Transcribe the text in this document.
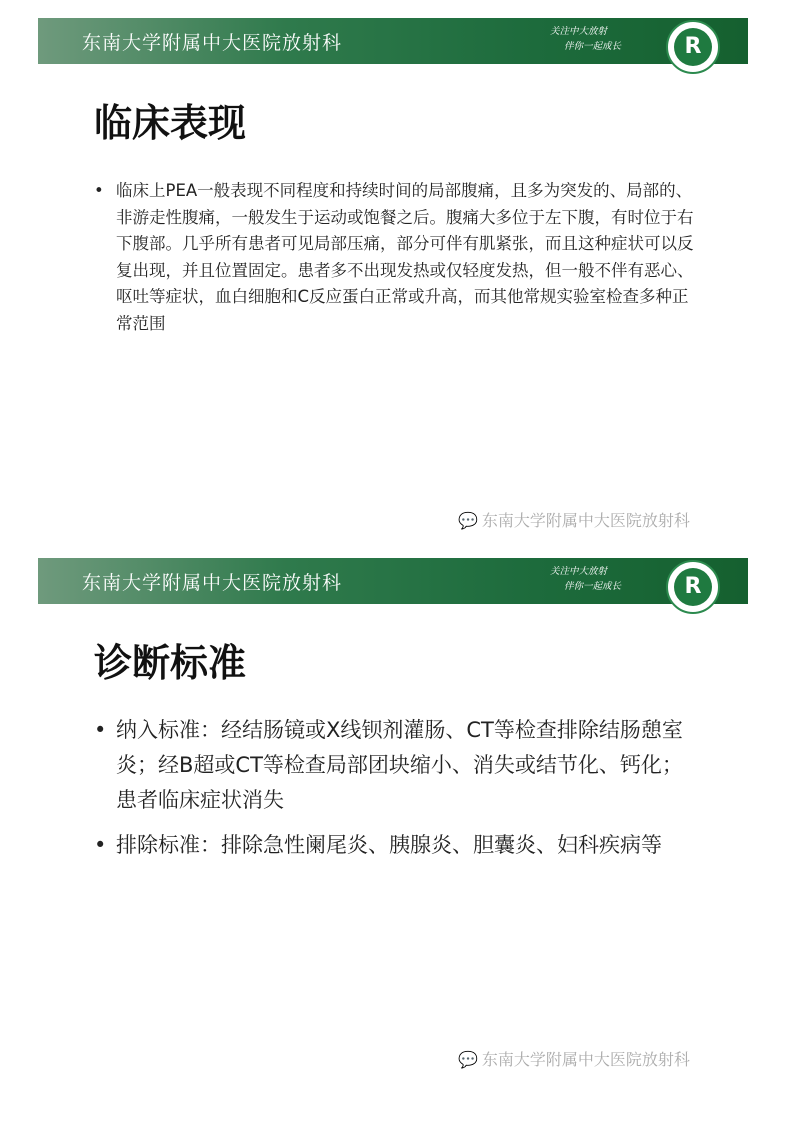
东南大学附属中大医院放射科
关注中大放射
伴你一起成长	R
临床表现
• 临床上PEA一般表现不同程度和持续时间的局部腹痛，且多为突发的、局部的、非游走性腹痛，一般发生于运动或饱餐之后。腹痛大多位于左下腹，有时位于右下腹部。几乎所有患者可见局部压痛，部分可伴有肌紧张，而且这种症状可以反复出现，并且位置固定。患者多不出现发热或仅轻度发热，但一般不伴有恶心、呕吐等症状，血白细胞和C反应蛋白正常或升高，而其他常规实验室检查多种正常范围
💬 东南大学附属中大医院放射科
东南大学附属中大医院放射科
关注中大放射
伴你一起成长	R
诊断标准
• 纳入标准：经结肠镜或X线钡剂灌肠、CT等检查排除结肠憩室炎；经B超或CT等检查局部团块缩小、消失或结节化、钙化；患者临床症状消失
• 排除标准：排除急性阑尾炎、胰腺炎、胆囊炎、妇科疾病等
💬 东南大学附属中大医院放射科
